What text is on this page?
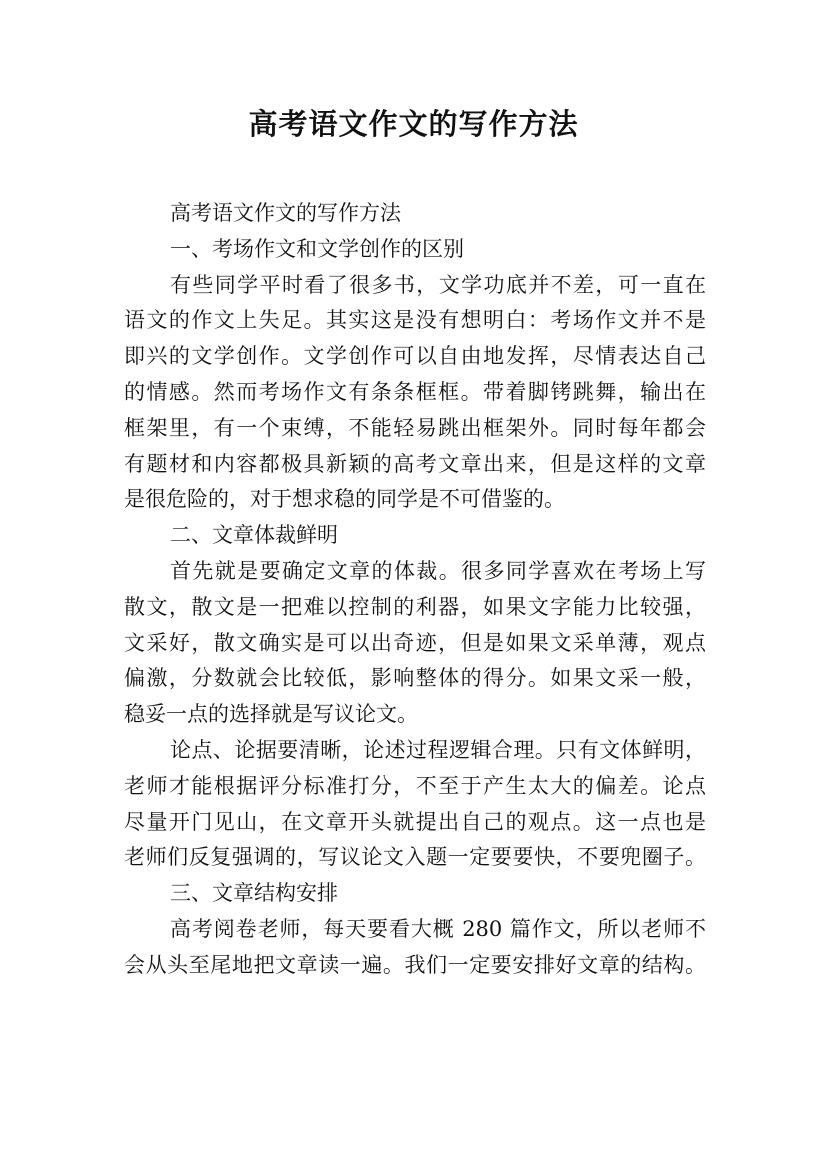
高考语文作文的写作方法

高考语文作文的写作方法

一、考场作文和文学创作的区别

有些同学平时看了很多书，文学功底并不差，可一直在

语文的作文上失足。其实这是没有想明白：考场作文并不是

即兴的文学创作。文学创作可以自由地发挥，尽情表达自己

的情感。然而考场作文有条条框框。带着脚铐跳舞，输出在

框架里，有一个束缚，不能轻易跳出框架外。同时每年都会

有题材和内容都极具新颖的高考文章出来，但是这样的文章

是很危险的，对于想求稳的同学是不可借鉴的。

二、文章体裁鲜明

首先就是要确定文章的体裁。很多同学喜欢在考场上写

散文，散文是一把难以控制的利器，如果文字能力比较强，

文采好，散文确实是可以出奇迹，但是如果文采单薄，观点

偏激，分数就会比较低，影响整体的得分。如果文采一般，

稳妥一点的选择就是写议论文。

论点、论据要清晰，论述过程逻辑合理。只有文体鲜明，

老师才能根据评分标准打分，不至于产生太大的偏差。论点

尽量开门见山，在文章开头就提出自己的观点。这一点也是

老师们反复强调的，写议论文入题一定要要快，不要兜圈子。

三、文章结构安排

高考阅卷老师，每天要看大概 280 篇作文，所以老师不

会从头至尾地把文章读一遍。我们一定要安排好文章的结构。
